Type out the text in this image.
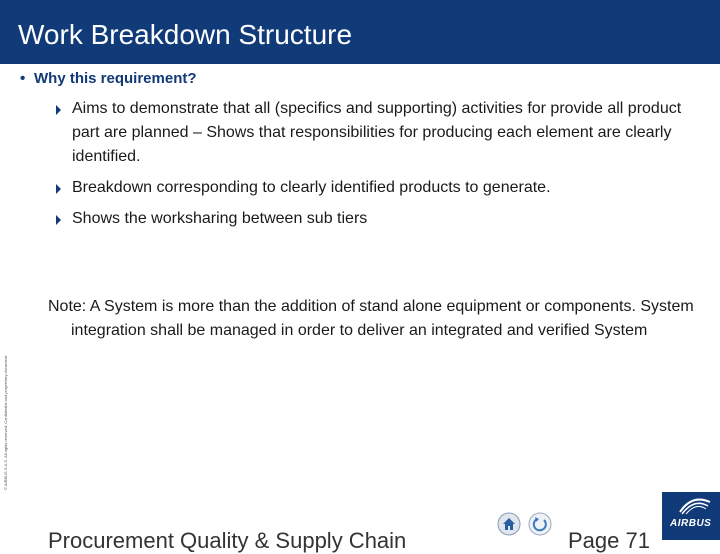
Work Breakdown Structure
• Why this requirement?
Aims to demonstrate that all (specifics and supporting) activities for provide all product part are planned – Shows that responsibilities for producing each element are clearly identified.
Breakdown corresponding to clearly identified products to generate.
Shows the worksharing between sub tiers
Note: A System is more than the addition of stand alone equipment or components. System integration shall be managed in order to deliver an integrated and verified System
© AIRBUS S.A.S. All rights reserved. Confidential and proprietary document.
Procurement Quality & Supply Chain	Page 71
AIRBUS
